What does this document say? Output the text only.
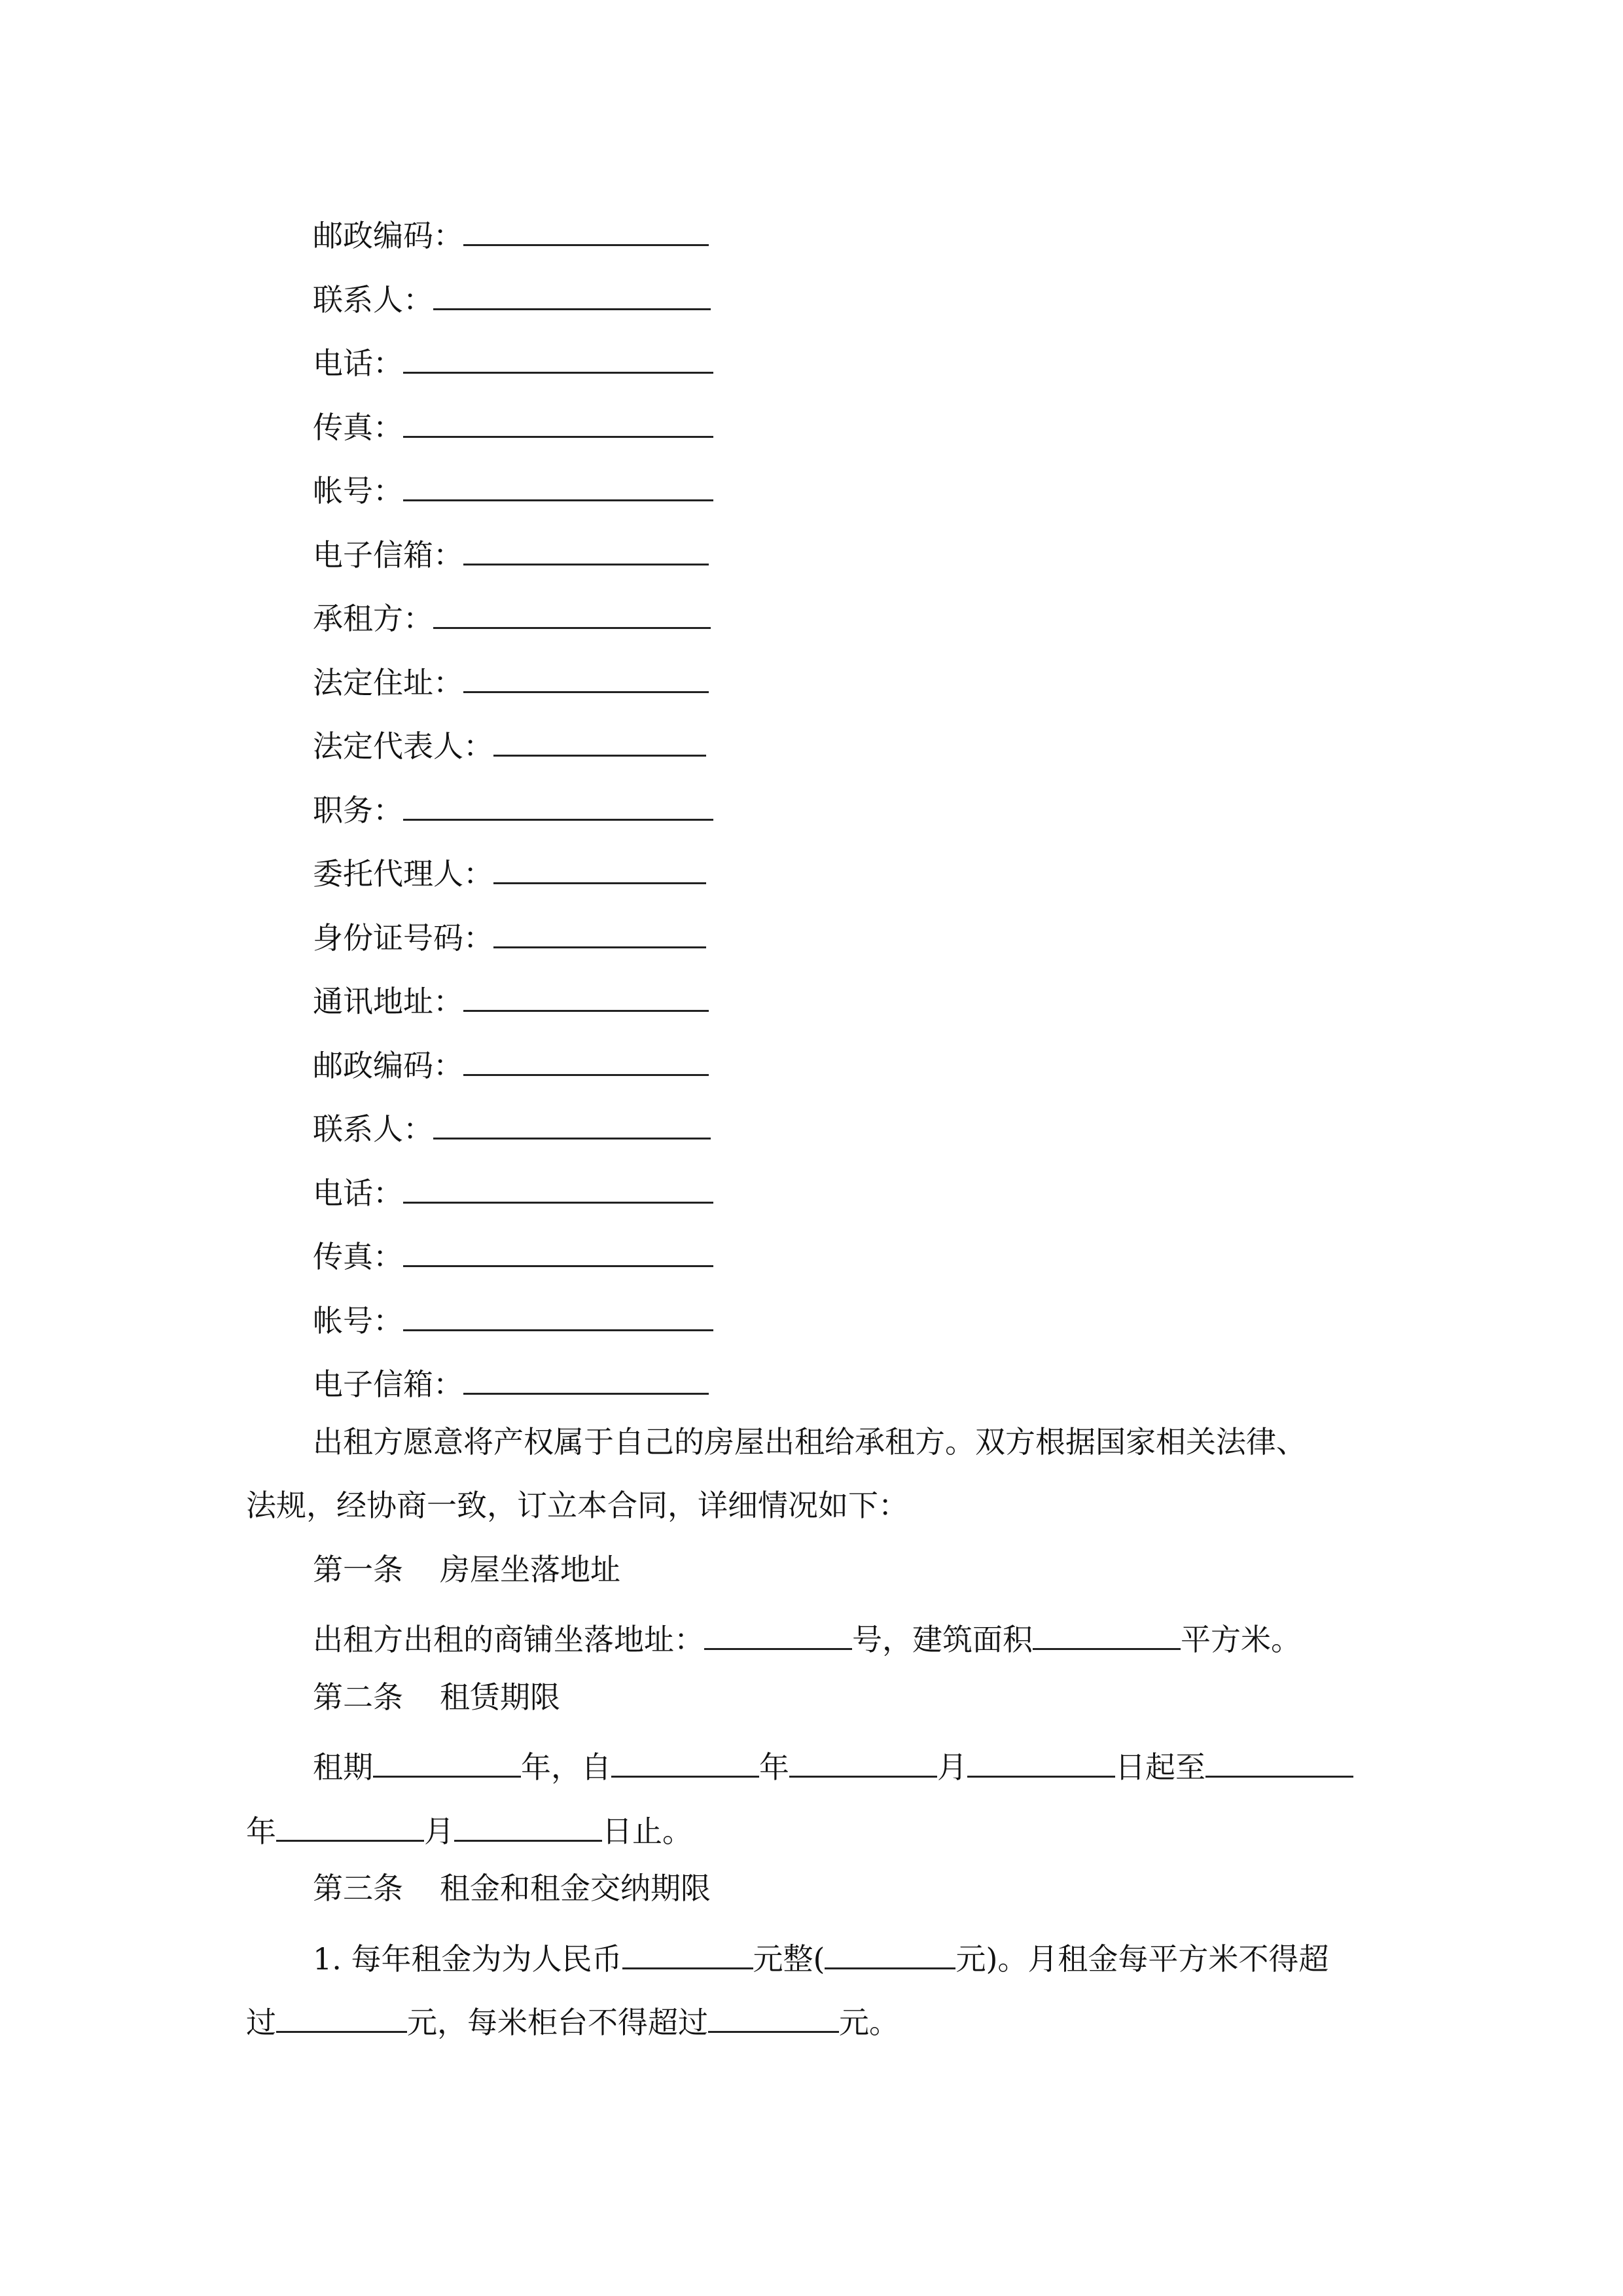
邮政编码：
联系人：
电话：
传真：
帐号：
电子信箱：
承租方：
法定住址：
法定代表人：
职务：
委托代理人：
身份证号码：
通讯地址：
邮政编码：
联系人：
电话：
传真：
帐号：
电子信箱：
出租方愿意将产权属于自己的房屋出租给承租方。双方根据国家相关法律、
法规，经协商一致，订立本合同，详细情况如下：
第一条 房屋坐落地址
出租方出租的商铺坐落地址：	号，建筑面积	平方米。
第二条 租赁期限
租期	年，自	年	月	日起至
年	月	日止。
第三条 租金和租金交纳期限
1. 每年租金为为人民币	元整(	元)。月租金每平方米不得超
过	元，每米柜台不得超过	元。
